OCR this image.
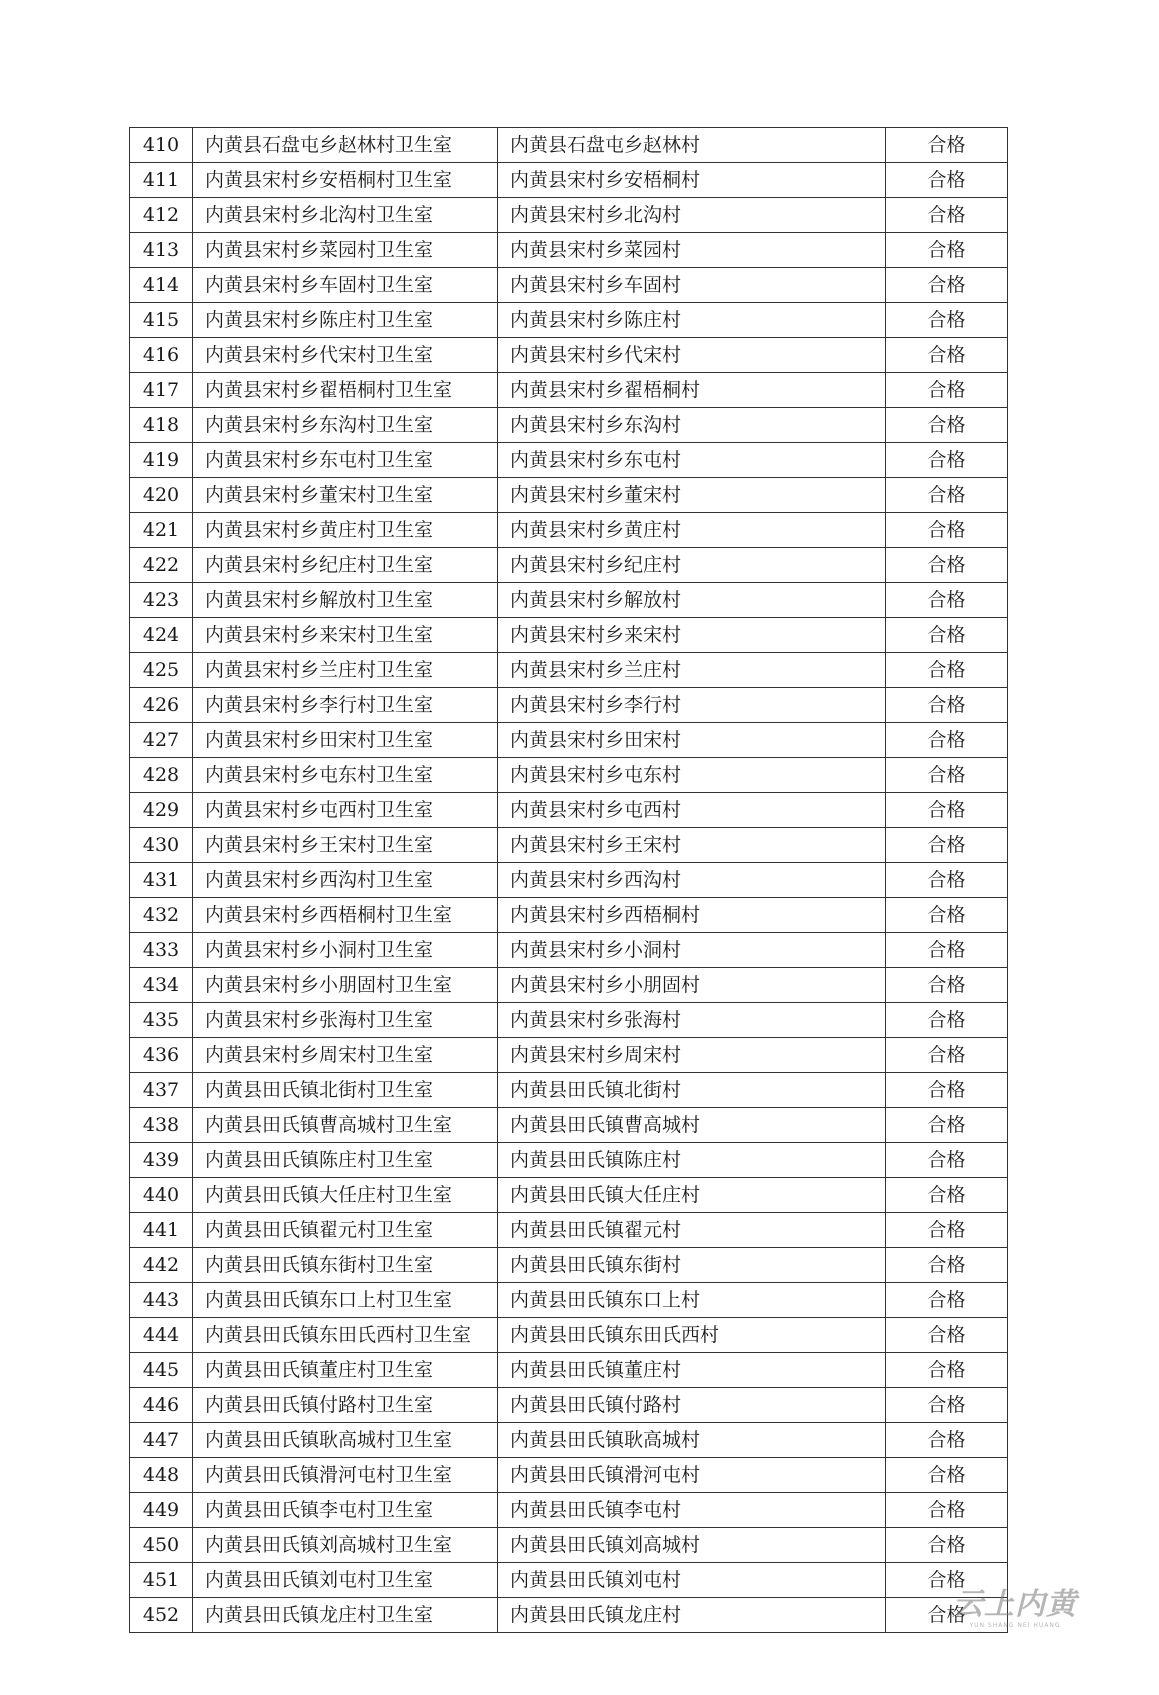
410	内黄县石盘屯乡赵林村卫生室	内黄县石盘屯乡赵林村	合格
411	内黄县宋村乡安梧桐村卫生室	内黄县宋村乡安梧桐村	合格
412	内黄县宋村乡北沟村卫生室	内黄县宋村乡北沟村	合格
413	内黄县宋村乡菜园村卫生室	内黄县宋村乡菜园村	合格
414	内黄县宋村乡车固村卫生室	内黄县宋村乡车固村	合格
415	内黄县宋村乡陈庄村卫生室	内黄县宋村乡陈庄村	合格
416	内黄县宋村乡代宋村卫生室	内黄县宋村乡代宋村	合格
417	内黄县宋村乡翟梧桐村卫生室	内黄县宋村乡翟梧桐村	合格
418	内黄县宋村乡东沟村卫生室	内黄县宋村乡东沟村	合格
419	内黄县宋村乡东屯村卫生室	内黄县宋村乡东屯村	合格
420	内黄县宋村乡董宋村卫生室	内黄县宋村乡董宋村	合格
421	内黄县宋村乡黄庄村卫生室	内黄县宋村乡黄庄村	合格
422	内黄县宋村乡纪庄村卫生室	内黄县宋村乡纪庄村	合格
423	内黄县宋村乡解放村卫生室	内黄县宋村乡解放村	合格
424	内黄县宋村乡来宋村卫生室	内黄县宋村乡来宋村	合格
425	内黄县宋村乡兰庄村卫生室	内黄县宋村乡兰庄村	合格
426	内黄县宋村乡李行村卫生室	内黄县宋村乡李行村	合格
427	内黄县宋村乡田宋村卫生室	内黄县宋村乡田宋村	合格
428	内黄县宋村乡屯东村卫生室	内黄县宋村乡屯东村	合格
429	内黄县宋村乡屯西村卫生室	内黄县宋村乡屯西村	合格
430	内黄县宋村乡王宋村卫生室	内黄县宋村乡王宋村	合格
431	内黄县宋村乡西沟村卫生室	内黄县宋村乡西沟村	合格
432	内黄县宋村乡西梧桐村卫生室	内黄县宋村乡西梧桐村	合格
433	内黄县宋村乡小洞村卫生室	内黄县宋村乡小洞村	合格
434	内黄县宋村乡小朋固村卫生室	内黄县宋村乡小朋固村	合格
435	内黄县宋村乡张海村卫生室	内黄县宋村乡张海村	合格
436	内黄县宋村乡周宋村卫生室	内黄县宋村乡周宋村	合格
437	内黄县田氏镇北街村卫生室	内黄县田氏镇北街村	合格
438	内黄县田氏镇曹高城村卫生室	内黄县田氏镇曹高城村	合格
439	内黄县田氏镇陈庄村卫生室	内黄县田氏镇陈庄村	合格
440	内黄县田氏镇大任庄村卫生室	内黄县田氏镇大任庄村	合格
441	内黄县田氏镇翟元村卫生室	内黄县田氏镇翟元村	合格
442	内黄县田氏镇东街村卫生室	内黄县田氏镇东街村	合格
443	内黄县田氏镇东口上村卫生室	内黄县田氏镇东口上村	合格
444	内黄县田氏镇东田氏西村卫生室	内黄县田氏镇东田氏西村	合格
445	内黄县田氏镇董庄村卫生室	内黄县田氏镇董庄村	合格
446	内黄县田氏镇付路村卫生室	内黄县田氏镇付路村	合格
447	内黄县田氏镇耿高城村卫生室	内黄县田氏镇耿高城村	合格
448	内黄县田氏镇滑河屯村卫生室	内黄县田氏镇滑河屯村	合格
449	内黄县田氏镇李屯村卫生室	内黄县田氏镇李屯村	合格
450	内黄县田氏镇刘高城村卫生室	内黄县田氏镇刘高城村	合格
451	内黄县田氏镇刘屯村卫生室	内黄县田氏镇刘屯村	合格
452	内黄县田氏镇龙庄村卫生室	内黄县田氏镇龙庄村	合格
云上内黄
YUN SHANG NEI HUANG
